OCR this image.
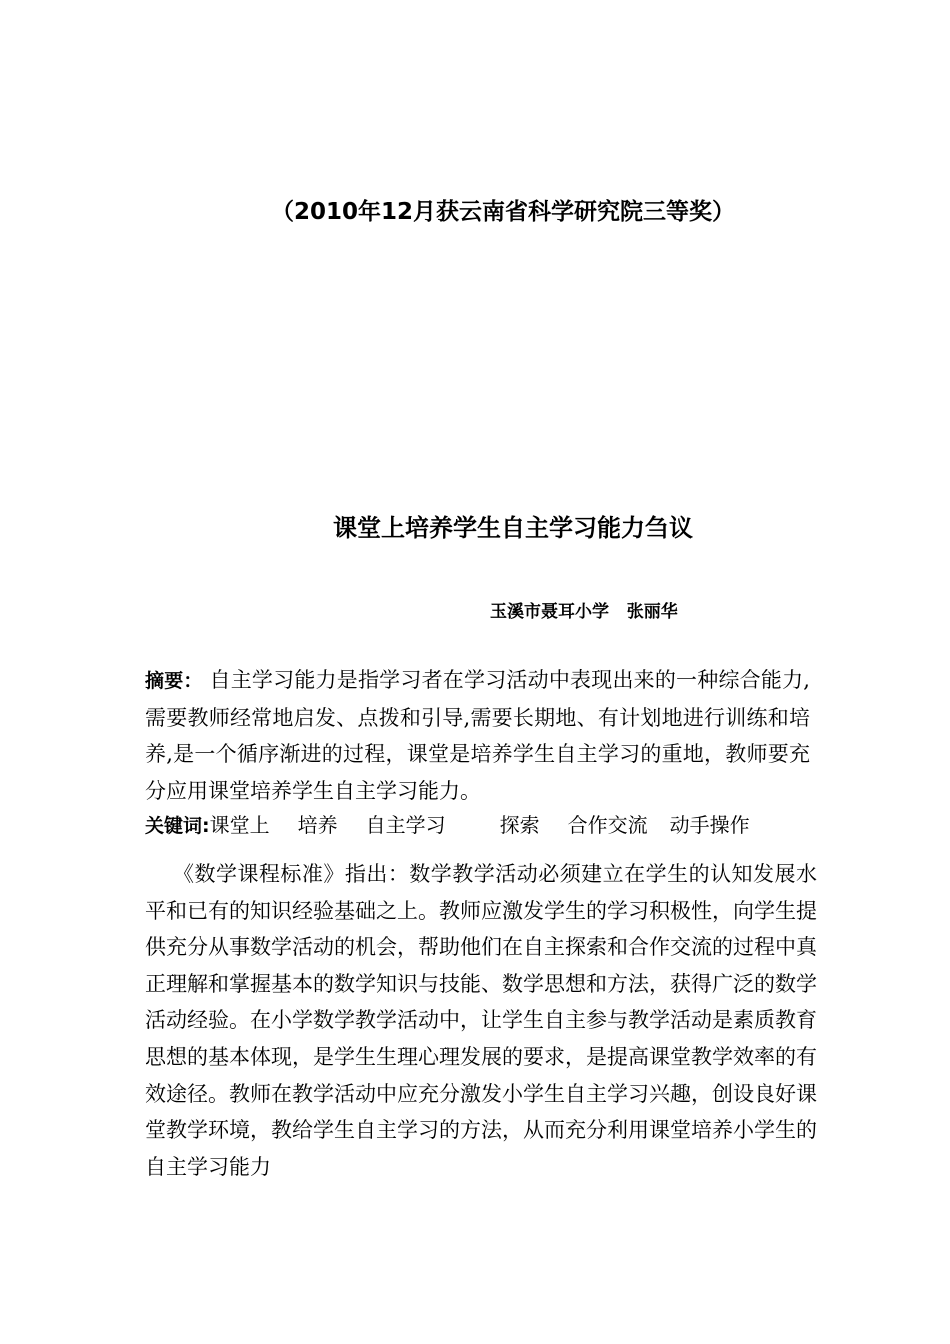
（2010年12月获云南省科学研究院三等奖）
课堂上培养学生自主学习能力刍议
玉溪市聂耳小学   张丽华
摘要： 自主学习能力是指学习者在学习活动中表现出来的一种综合能力,需要教师经常地启发、点拨和引导,需要长期地、有计划地进行训练和培养,是一个循序渐进的过程，课堂是培养学生自主学习的重地，教师要充分应用课堂培养学生自主学习能力。
关键词:课堂上 培养 自主学习	探索 合作交流 动手操作
《数学课程标准》指出：数学教学活动必须建立在学生的认知发展水平和已有的知识经验基础之上。教师应激发学生的学习积极性，向学生提供充分从事数学活动的机会，帮助他们在自主探索和合作交流的过程中真正理解和掌握基本的数学知识与技能、数学思想和方法，获得广泛的数学活动经验。在小学数学教学活动中，让学生自主参与教学活动是素质教育思想的基本体现，是学生生理心理发展的要求，是提高课堂教学效率的有效途径。教师在教学活动中应充分激发小学生自主学习兴趣，创设良好课堂教学环境，教给学生自主学习的方法，从而充分利用课堂培养小学生的自主学习能力
